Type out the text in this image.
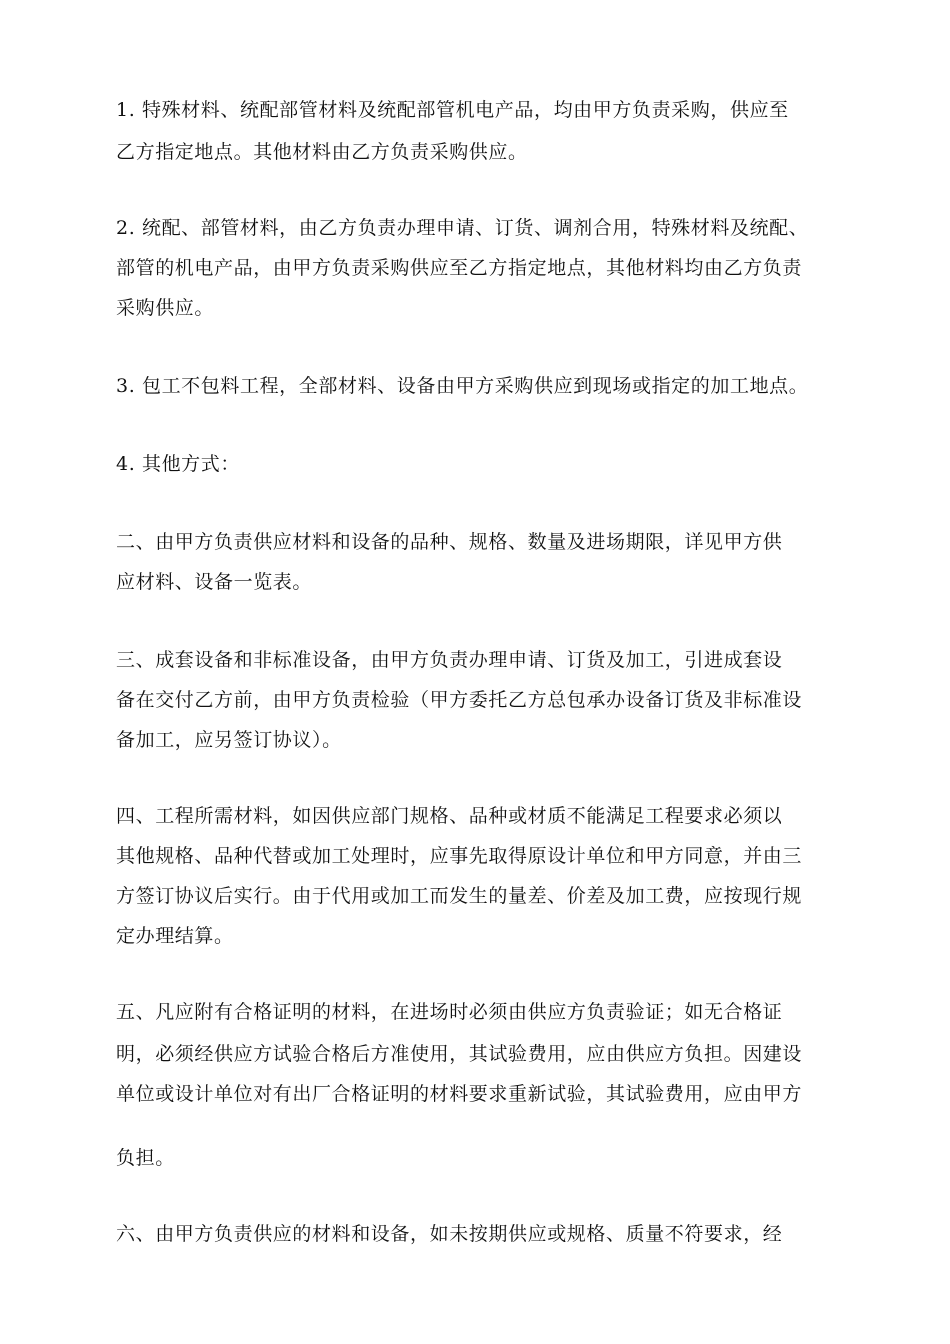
1. 特殊材料、统配部管材料及统配部管机电产品，均由甲方负责采购，供应至
乙方指定地点。其他材料由乙方负责采购供应。
2. 统配、部管材料，由乙方负责办理申请、订货、调剂合用，特殊材料及统配、
部管的机电产品，由甲方负责采购供应至乙方指定地点，其他材料均由乙方负责
采购供应。
3. 包工不包料工程，全部材料、设备由甲方采购供应到现场或指定的加工地点。
4. 其他方式：
二、由甲方负责供应材料和设备的品种、规格、数量及进场期限，详见甲方供
应材料、设备一览表。
三、成套设备和非标准设备，由甲方负责办理申请、订货及加工，引进成套设
备在交付乙方前，由甲方负责检验（甲方委托乙方总包承办设备订货及非标准设
备加工，应另签订协议）。
四、工程所需材料，如因供应部门规格、品种或材质不能满足工程要求必须以
其他规格、品种代替或加工处理时，应事先取得原设计单位和甲方同意，并由三
方签订协议后实行。由于代用或加工而发生的量差、价差及加工费，应按现行规
定办理结算。
五、凡应附有合格证明的材料，在进场时必须由供应方负责验证；如无合格证
明，必须经供应方试验合格后方准使用，其试验费用，应由供应方负担。因建设
单位或设计单位对有出厂合格证明的材料要求重新试验，其试验费用，应由甲方
负担。
六、由甲方负责供应的材料和设备，如未按期供应或规格、质量不符要求，经
